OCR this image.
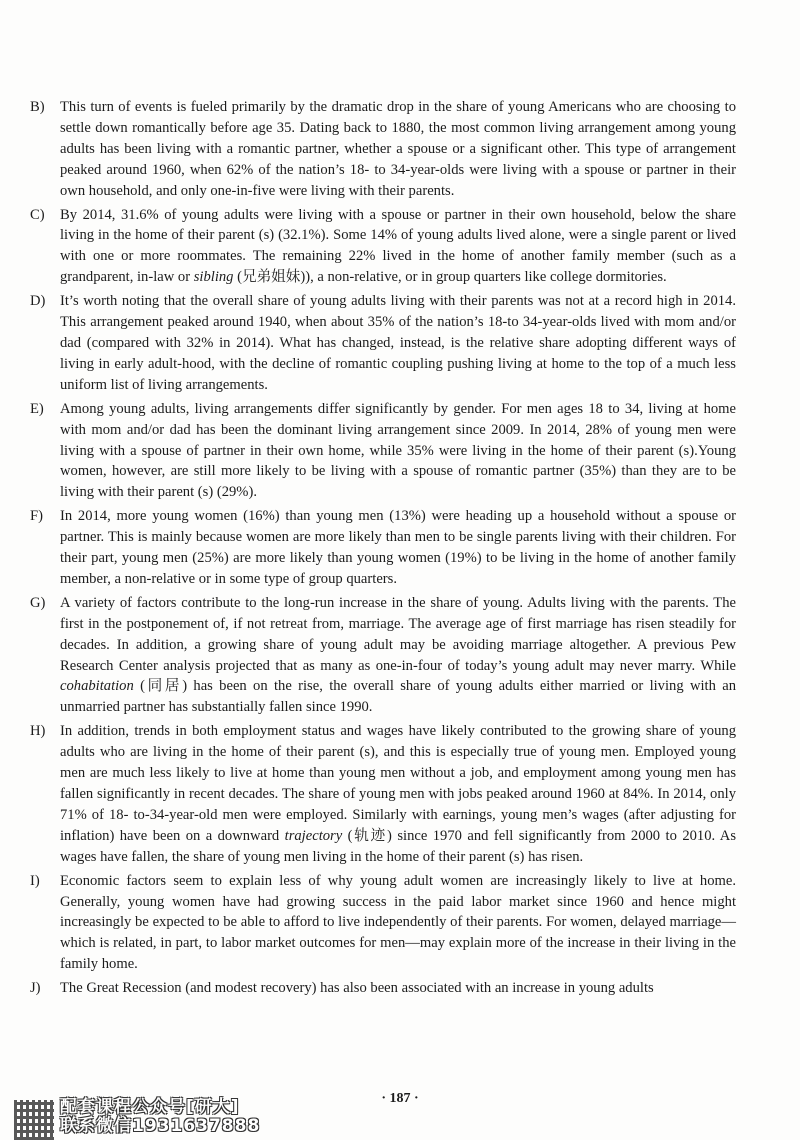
B)	This turn of events is fueled primarily by the dramatic drop in the share of young Americans who are choosing to settle down romantically before age 35. Dating back to 1880, the most common living arrangement among young adults has been living with a romantic partner, whether a spouse or a significant other. This type of arrangement peaked around 1960, when 62% of the nation’s 18- to 34-year-olds were living with a spouse or partner in their own household, and only one-in-five were living with their parents.
C)	By 2014, 31.6% of young adults were living with a spouse or partner in their own household, below the share living in the home of their parent (s) (32.1%). Some 14% of young adults lived alone, were a single parent or lived with one or more roommates. The remaining 22% lived in the home of another family member (such as a grandparent, in-law or sibling (兄弟姐妹)), a non-relative, or in group quarters like college dormitories.
D) It’s worth noting that the overall share of young adults living with their parents was not at a record high in 2014. This arrangement peaked around 1940, when about 35% of the nation’s 18-to 34-year-olds lived with mom and/or dad (compared with 32% in 2014). What has changed, instead, is the relative share adopting different ways of living in early adult-hood, with the decline of romantic coupling pushing living at home to the top of a much less uniform list of living arrangements.
E)	Among young adults, living arrangements differ significantly by gender. For men ages 18 to 34, living at home with mom and/or dad has been the dominant living arrangement since 2009. In 2014, 28% of young men were living with a spouse of partner in their own home, while 35% were living in the home of their parent (s).Young women, however, are still more likely to be living with a spouse of romantic partner (35%) than they are to be living with their parent (s) (29%).
F)	In 2014, more young women (16%) than young men (13%) were heading up a household without a spouse or partner. This is mainly because women are more likely than men to be single parents living with their children. For their part, young men (25%) are more likely than young women (19%) to be living in the home of another family member, a non-relative or in some type of group quarters.
G) A variety of factors contribute to the long-run increase in the share of young. Adults living with the parents. The first in the postponement of, if not retreat from, marriage. The average age of first marriage has risen steadily for decades. In addition, a growing share of young adult may be avoiding marriage altogether. A previous Pew Research Center analysis projected that as many as one-in-four of today’s young adult may never marry. While cohabitation (同居) has been on the rise, the overall share of young adults either married or living with an unmarried partner has substantially fallen since 1990.
H) In addition, trends in both employment status and wages have likely contributed to the growing share of young adults who are living in the home of their parent (s), and this is especially true of young men. Employed young men are much less likely to live at home than young men without a job, and employment among young men has fallen significantly in recent decades. The share of young men with jobs peaked around 1960 at 84%. In 2014, only 71% of 18- to-34-year-old men were employed. Similarly with earnings, young men’s wages (after adjusting for inflation) have been on a downward trajectory (轨迹) since 1970 and fell significantly from 2000 to 2010. As wages have fallen, the share of young men living in the home of their parent (s) has risen.
I)	Economic factors seem to explain less of why young adult women are increasingly likely to live at home. Generally, young women have had growing success in the paid labor market since 1960 and hence might increasingly be expected to be able to afford to live independently of their parents. For women, delayed marriage—which is related, in part, to labor market outcomes for men—may explain more of the increase in their living in the family home.
J)	The Great Recession (and modest recovery) has also been associated with an increase in young adults
· 187 ·
配套课程公众号[研大]
联系微信1931637888
